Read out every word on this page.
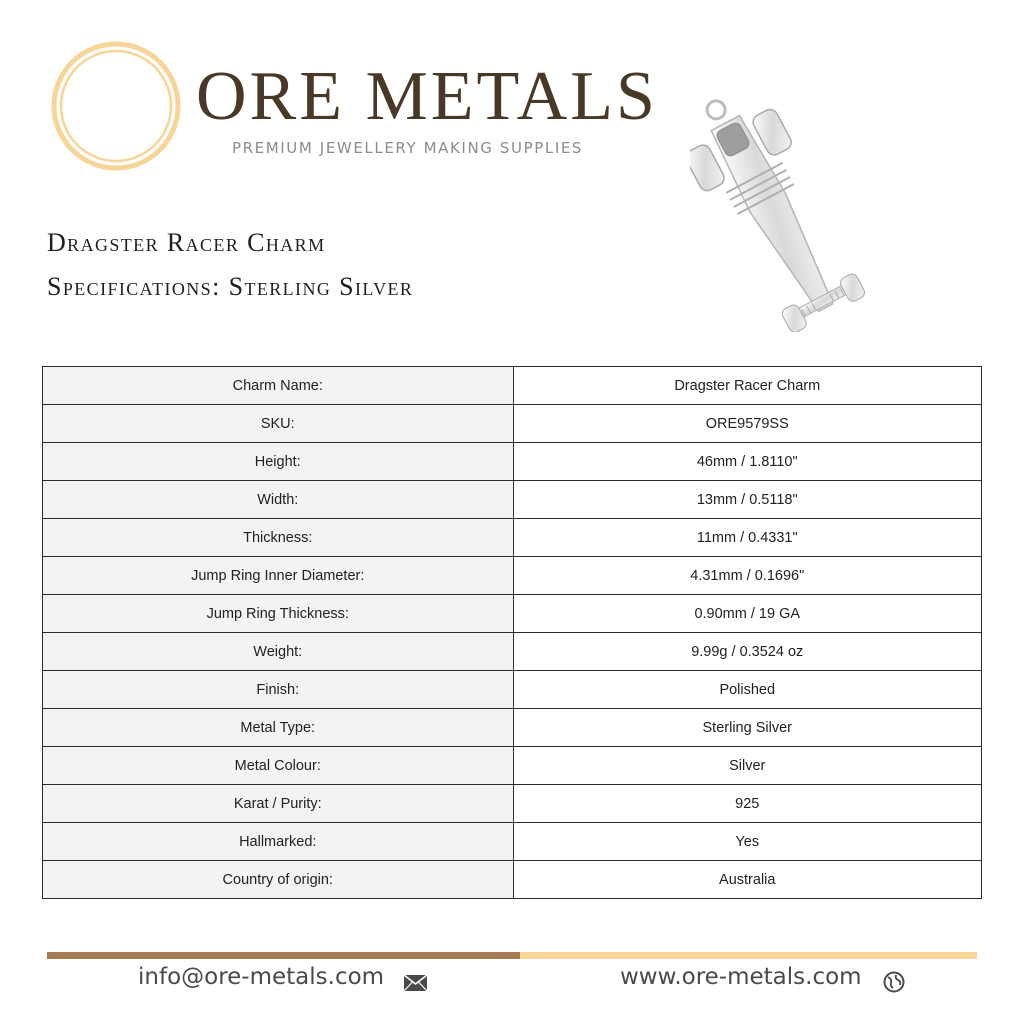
ORE METALS
PREMIUM JEWELLERY MAKING SUPPLIES
Dragster Racer Charm
Specifications: Sterling Silver
Charm Name:	Dragster Racer Charm
SKU:	ORE9579SS
Height:	46mm / 1.8110"
Width:	13mm / 0.5118"
Thickness:	11mm / 0.4331"
Jump Ring Inner Diameter:	4.31mm / 0.1696"
Jump Ring Thickness:	0.90mm / 19 GA
Weight:	9.99g / 0.3524 oz
Finish:	Polished
Metal Type:	Sterling Silver
Metal Colour:	Silver
Karat / Purity:	925
Hallmarked:	Yes
Country of origin:	Australia
info@ore-metals.com	www.ore-metals.com
